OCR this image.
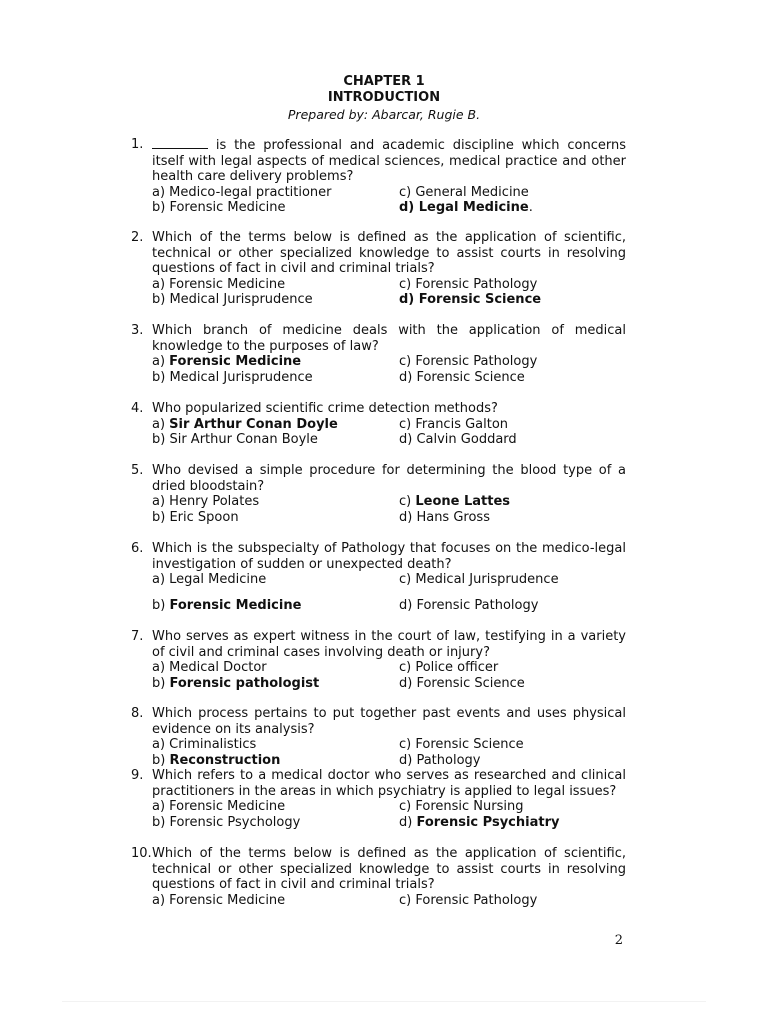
CHAPTER 1
INTRODUCTION
Prepared by: Abarcar, Rugie B.
1.	is the professional and academic discipline which concerns itself with legal aspects of medical sciences, medical practice and other health care delivery problems?
a) Medico-legal practitioner	c) General Medicine
b) Forensic Medicine	d) Legal Medicine.
2. Which of the terms below is defined as the application of scientific, technical or other specialized knowledge to assist courts in resolving questions of fact in civil and criminal trials?
a) Forensic Medicine	c) Forensic Pathology
b) Medical Jurisprudence	d) Forensic Science
3. Which branch of medicine deals with the application of medical knowledge to the purposes of law?
a) Forensic Medicine	c) Forensic Pathology
b) Medical Jurisprudence	d) Forensic Science
4. Who popularized scientific crime detection methods?
a) Sir Arthur Conan Doyle	c) Francis Galton
b) Sir Arthur Conan Boyle	d) Calvin Goddard
5. Who devised a simple procedure for determining the blood type of a dried bloodstain?
a) Henry Polates	c) Leone Lattes
b) Eric Spoon	d) Hans Gross
6. Which is the subspecialty of Pathology that focuses on the medico-legal investigation of sudden or unexpected death?
a) Legal Medicine	c) Medical Jurisprudence
b) Forensic Medicine	d) Forensic Pathology
7. Who serves as expert witness in the court of law, testifying in a variety of civil and criminal cases involving death or injury?
a) Medical Doctor	c) Police officer
b) Forensic pathologist	d) Forensic Science
8. Which process pertains to put together past events and uses physical evidence on its analysis?
a) Criminalistics	c) Forensic Science
b) Reconstruction	d) Pathology
9. Which refers to a medical doctor who serves as researched and clinical practitioners in the areas in which psychiatry is applied to legal issues?
a) Forensic Medicine	c) Forensic Nursing
b) Forensic Psychology	d) Forensic Psychiatry
10. Which of the terms below is defined as the application of scientific, technical or other specialized knowledge to assist courts in resolving questions of fact in civil and criminal trials?
a) Forensic Medicine	c) Forensic Pathology
2
